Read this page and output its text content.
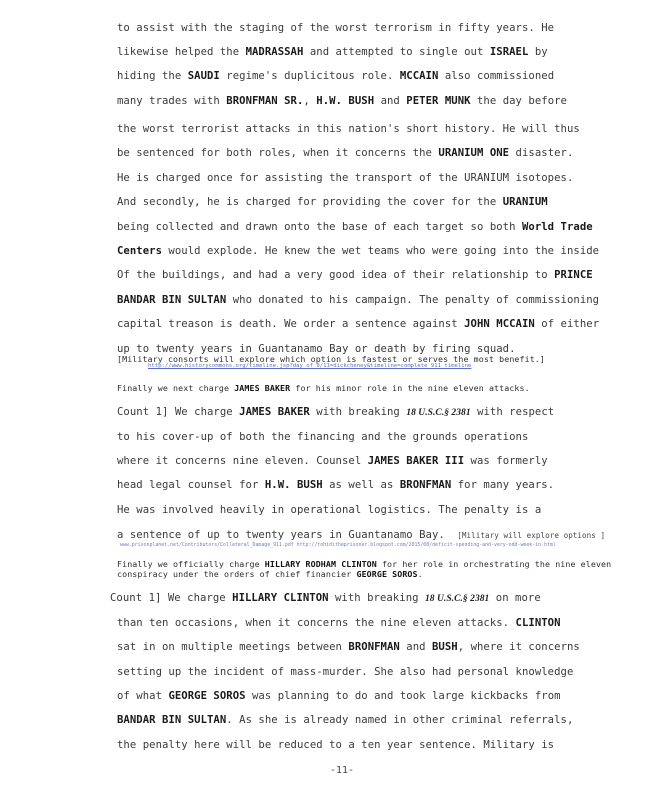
to assist with the staging of the worst terrorism in fifty years. He
likewise helped the MADRASSAH and attempted to single out ISRAEL by
hiding the SAUDI regime's duplicitous role. MCCAIN also commissioned
many trades with BRONFMAN SR., H.W. BUSH and PETER MUNK the day before
the worst terrorist attacks in this nation's short history. He will thus
be sentenced for both roles, when it concerns the URANIUM ONE disaster.
He is charged once for assisting the transport of the URANIUM isotopes.
And secondly, he is charged for providing the cover for the URANIUM
being collected and drawn onto the base of each target so both World Trade
Centers would explode. He knew the wet teams who were going into the inside
Of the buildings, and had a very good idea of their relationship to PRINCE
BANDAR BIN SULTAN who donated to his campaign. The penalty of commissioning
capital treason is death. We order a sentence against JOHN MCCAIN of either
up to twenty years in Guantanamo Bay or death by firing squad.
[Military consorts will explore which option is fastest or serves the most benefit.]
Finally we next charge JAMES BAKER for his minor role in the nine eleven attacks.
Count 1] We charge JAMES BAKER with breaking 18 U.S.C.§ 2381 with respect
to his cover-up of both the financing and the grounds operations
where it concerns nine eleven. Counsel JAMES BAKER III was formerly
head legal counsel for H.W. BUSH as well as BRONFMAN for many years.
He was involved heavily in operational logistics. The penalty is a
a sentence of up to twenty years in Guantanamo Bay. [Military will explore options ]
Finally we officially charge HILLARY RODHAM CLINTON for her role in orchestrating the nine eleven
conspiracy under the orders of chief financier GEORGE SOROS.
Count 1] We charge HILLARY CLINTON with breaking 18 U.S.C.§ 2381 on more
than ten occasions, when it concerns the nine eleven attacks. CLINTON
sat in on multiple meetings between BRONFMAN and BUSH, where it concerns
setting up the incident of mass-murder. She also had personal knowledge
of what GEORGE SOROS was planning to do and took large kickbacks from
BANDAR BIN SULTAN. As she is already named in other criminal referrals,
the penalty here will be reduced to a ten year sentence. Military is
http://www.historycommons.org/timeline.jsp?day_of_9/11=dickcheney&timeline=complete_911_timeline
www.prisonplanet.net/Contributors/Collateral_Damage_911.pdf http://tohiditheprisoner.blogspot.com/2015/08/deficit-spending-and-very-odd-week-in.html
-11-
